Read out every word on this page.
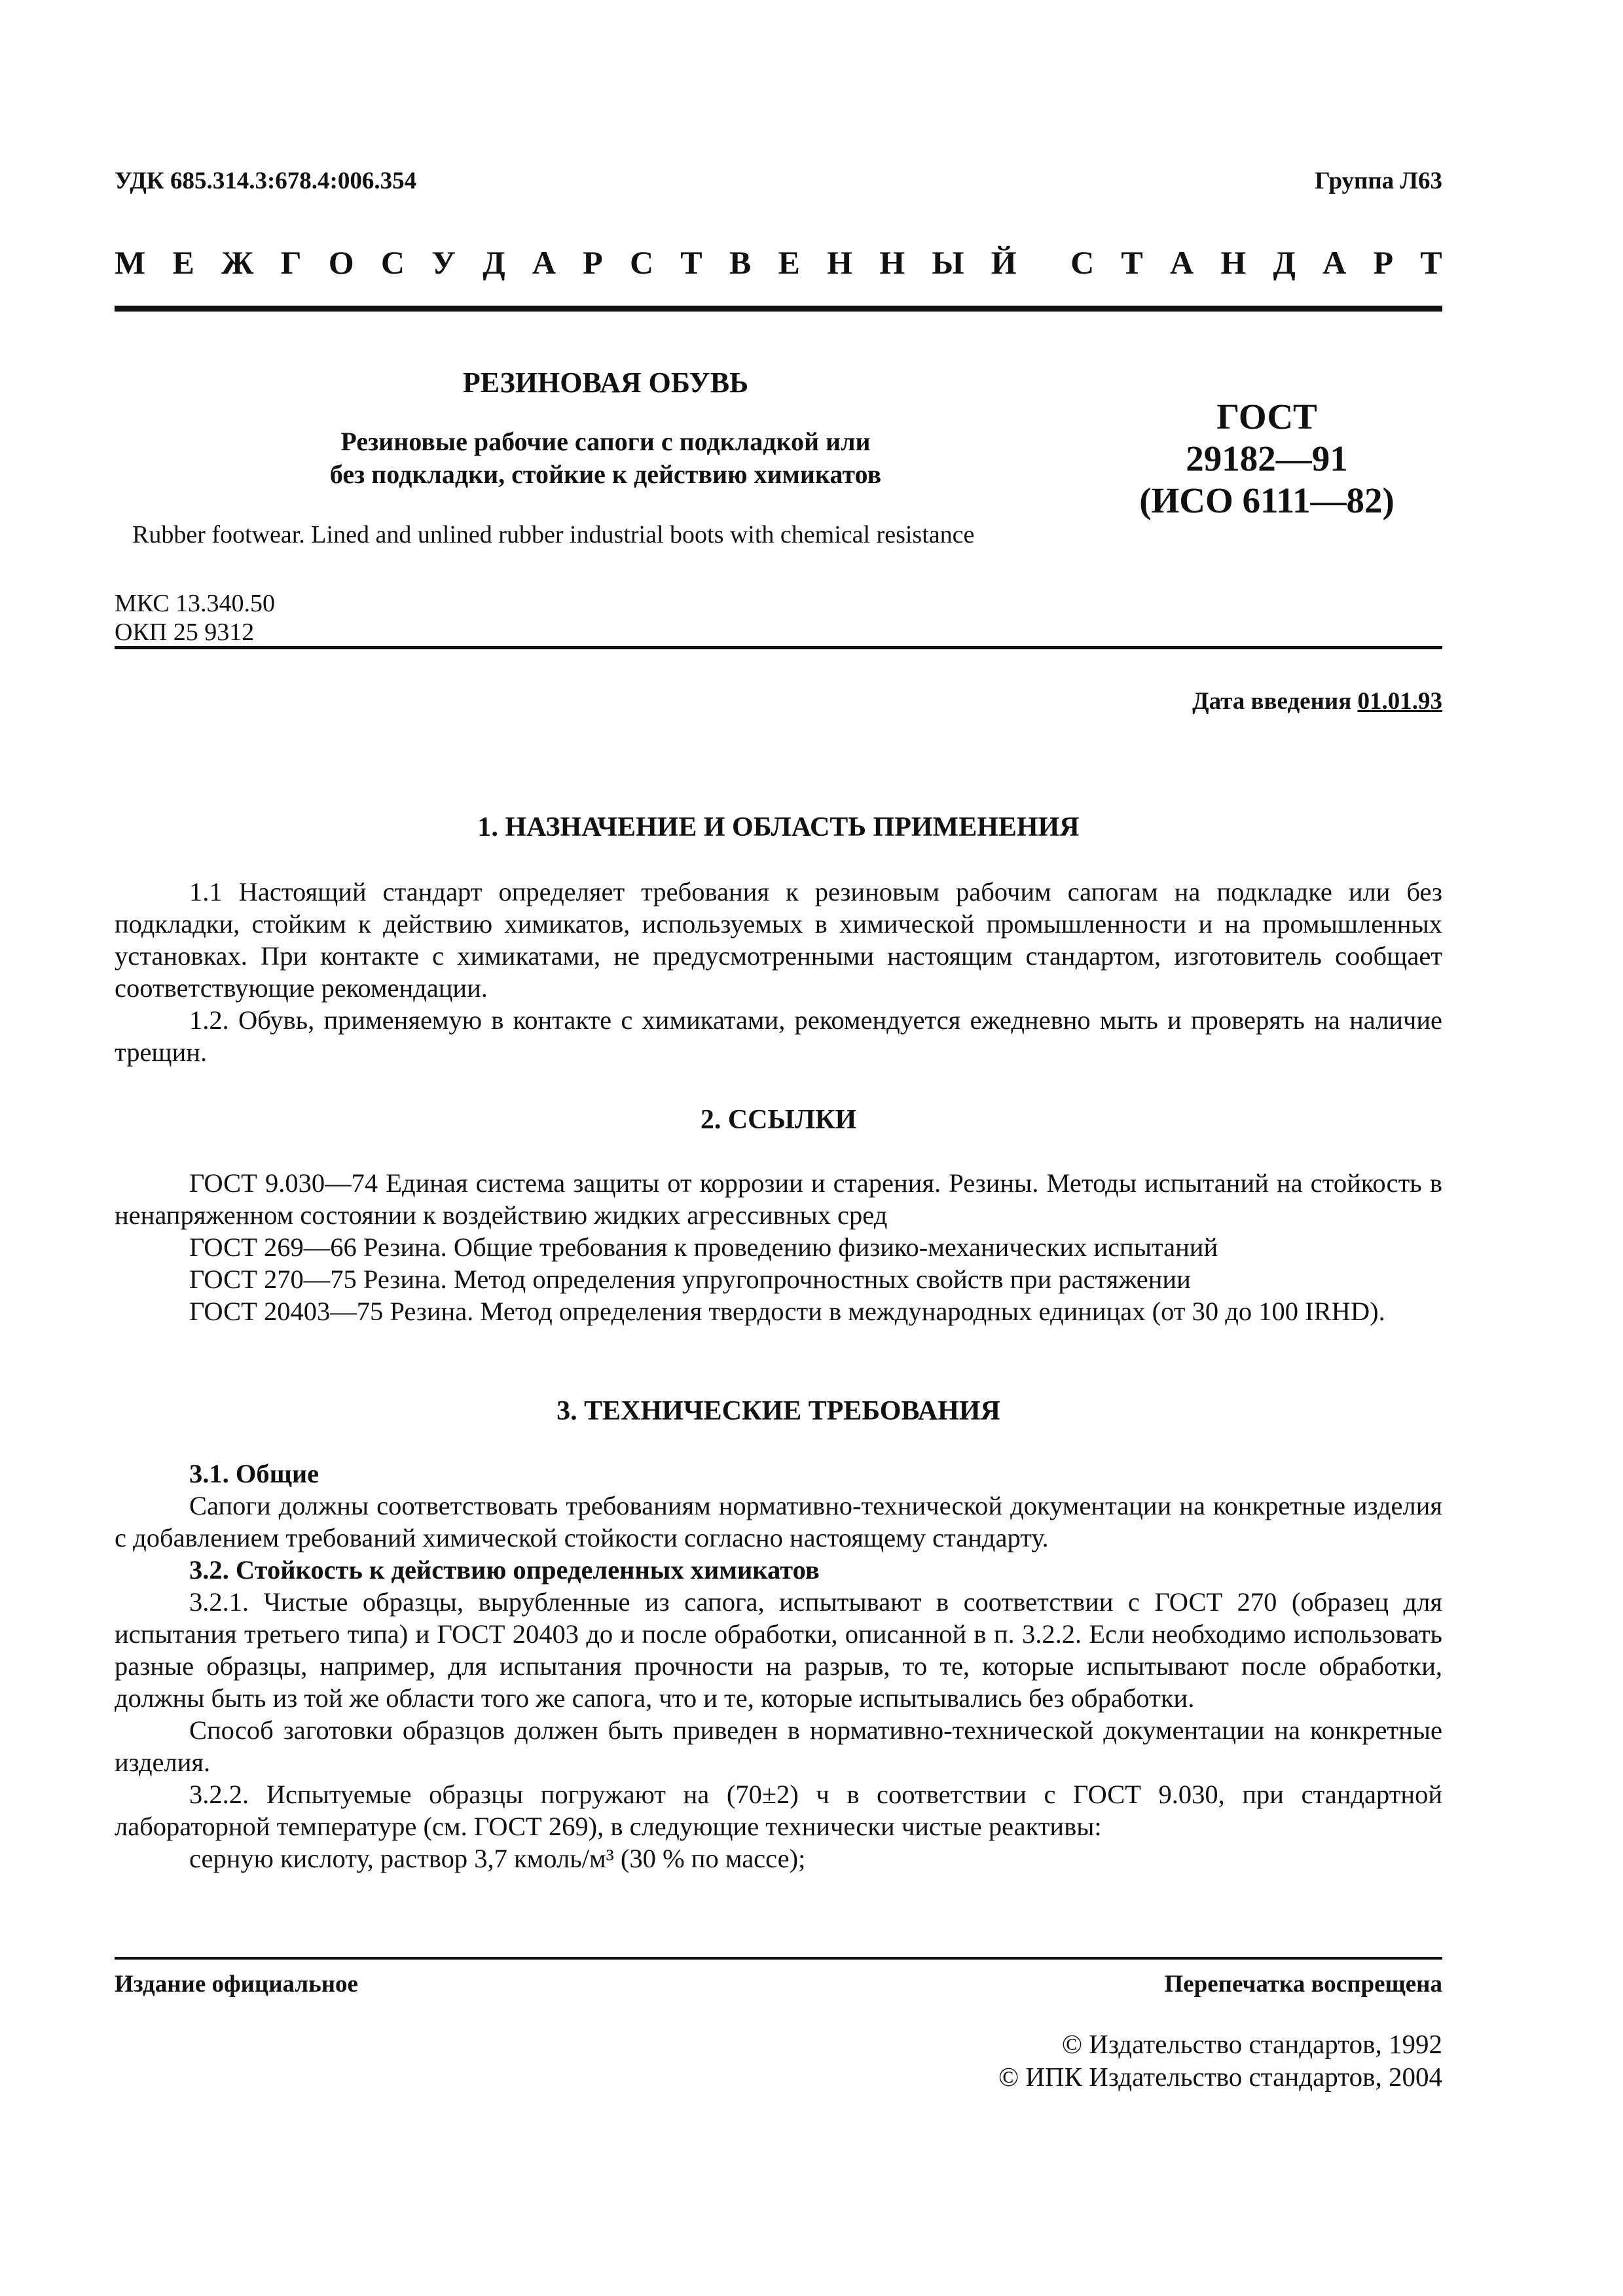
УДК 685.314.3:678.4:006.354	Группа Л63
М Е Ж Г О С У Д А Р С Т В Е Н Н Ы Й С Т А Н Д А Р Т
РЕЗИНОВАЯ ОБУВЬ
Резиновые рабочие сапоги с подкладкой или
без подкладки, стойкие к действию химикатов
ГОСТ
29182—91
(ИСО 6111—82)
Rubber footwear. Lined and unlined rubber industrial boots with chemical resistance
МКС 13.340.50
ОКП 25 9312
Дата введения 01.01.93
1. НАЗНАЧЕНИЕ И ОБЛАСТЬ ПРИМЕНЕНИЯ

1.1 Настоящий стандарт определяет требования к резиновым рабочим сапогам на подкладке или без подкладки, стойким к действию химикатов, используемых в химической промышленности и на промышленных установках. При контакте с химикатами, не предусмотренными настоящим стандартом, изготовитель сообщает соответствующие рекомендации.

1.2. Обувь, применяемую в контакте с химикатами, рекомендуется ежедневно мыть и проверять на наличие трещин.

2. ССЫЛКИ

ГОСТ 9.030—74 Единая система защиты от коррозии и старения. Резины. Методы испытаний на стойкость в ненапряженном состоянии к воздействию жидких агрессивных сред

ГОСТ 269—66 Резина. Общие требования к проведению физико-механических испытаний

ГОСТ 270—75 Резина. Метод определения упругопрочностных свойств при растяжении

ГОСТ 20403—75 Резина. Метод определения твердости в международных единицах (от 30 до 100 IRHD).

3. ТЕХНИЧЕСКИЕ ТРЕБОВАНИЯ

3.1. Общие

Сапоги должны соответствовать требованиям нормативно-технической документации на конкретные изделия с добавлением требований химической стойкости согласно настоящему стандарту.

3.2. Стойкость к действию определенных химикатов

3.2.1. Чистые образцы, вырубленные из сапога, испытывают в соответствии с ГОСТ 270 (образец для испытания третьего типа) и ГОСТ 20403 до и после обработки, описанной в п. 3.2.2. Если необходимо использовать разные образцы, например, для испытания прочности на разрыв, то те, которые испытывают после обработки, должны быть из той же области того же сапога, что и те, которые испытывались без обработки.

Способ заготовки образцов должен быть приведен в нормативно-технической документации на конкретные изделия.

3.2.2. Испытуемые образцы погружают на (70±2) ч в соответствии с ГОСТ 9.030, при стандартной лабораторной температуре (см. ГОСТ 269), в следующие технически чистые реактивы:

серную кислоту, раствор 3,7 кмоль/м³ (30 % по массе);

Издание официальное	Перепечатка воспрещена
© Издательство стандартов, 1992
© ИПК Издательство стандартов, 2004
